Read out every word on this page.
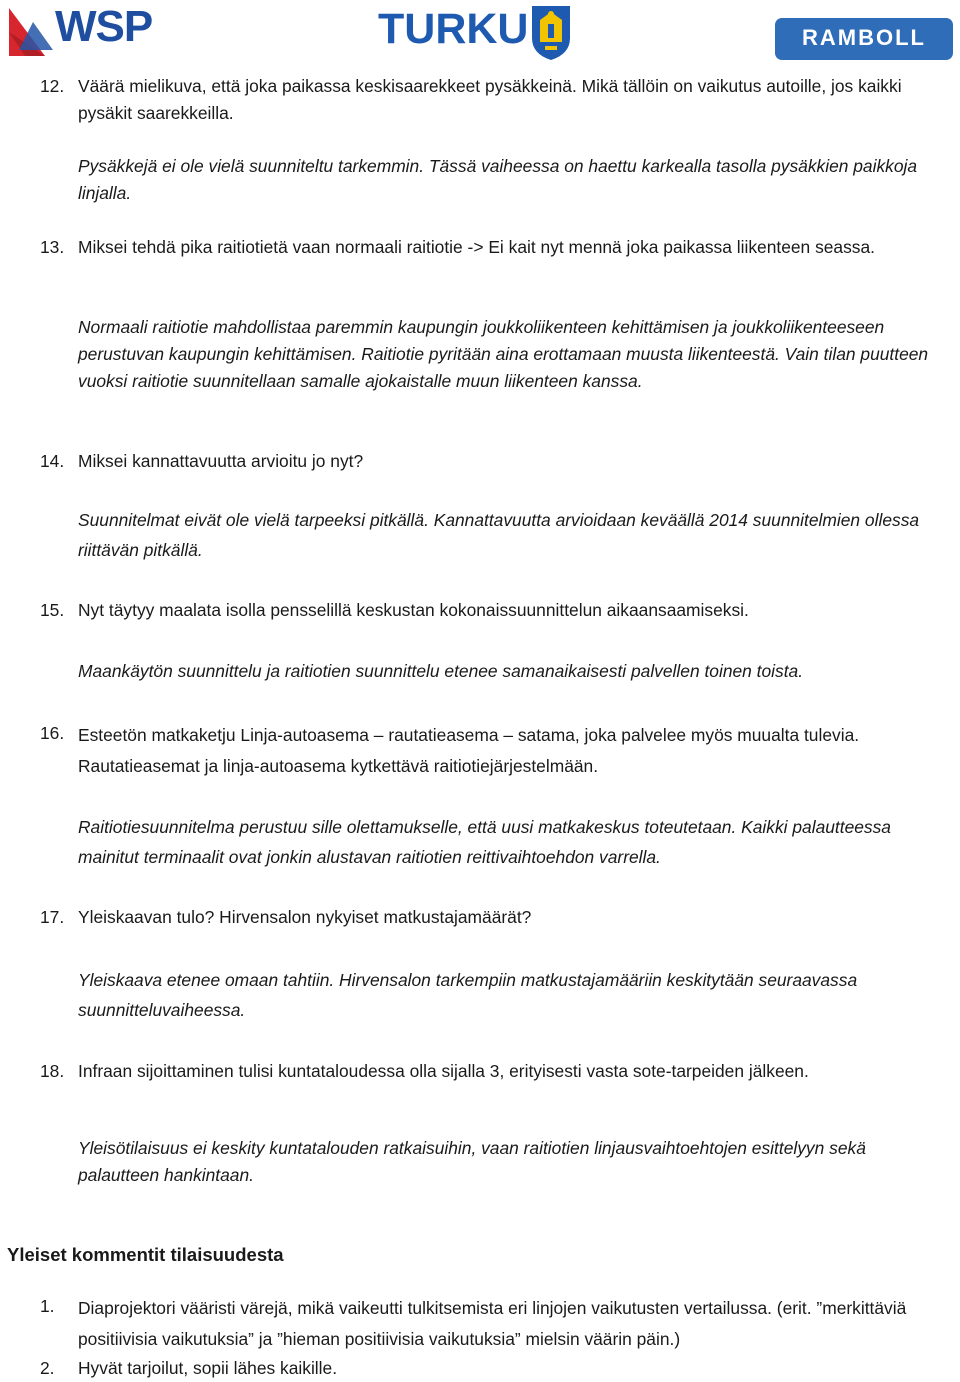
WSP	TURKU	RAMBOLL
12. Väärä mielikuva, että joka paikassa keskisaarekkeet pysäkkeinä. Mikä tällöin on vaikutus autoille, jos kaikki pysäkit saarekkeilla.
Pysäkkejä ei ole vielä suunniteltu tarkemmin. Tässä vaiheessa on haettu karkealla tasolla pysäkkien paikkoja linjalla.
13. Miksei tehdä pika raitiotietä vaan normaali raitiotie -> Ei kait nyt mennä joka paikassa liikenteen seassa.
Normaali raitiotie mahdollistaa paremmin kaupungin joukkoliikenteen kehittämisen ja joukkoliikenteeseen perustuvan kaupungin kehittämisen. Raitiotie pyritään aina erottamaan muusta liikenteestä. Vain tilan puutteen vuoksi raitiotie suunnitellaan samalle ajokaistalle muun liikenteen kanssa.
14. Miksei kannattavuutta arvioitu jo nyt?
Suunnitelmat eivät ole vielä tarpeeksi pitkällä. Kannattavuutta arvioidaan keväällä 2014 suunnitelmien ollessa riittävän pitkällä.
15. Nyt täytyy maalata isolla pensselillä keskustan kokonaissuunnittelun aikaansaamiseksi.
Maankäytön suunnittelu ja raitiotien suunnittelu etenee samanaikaisesti palvellen toinen toista.
16. Esteetön matkaketju Linja-autoasema – rautatieasema – satama, joka palvelee myös muualta tulevia. Rautatieasemat ja linja-autoasema kytkettävä raitiotiejärjestelmään.
Raitiotiesuunnitelma perustuu sille olettamukselle, että uusi matkakeskus toteutetaan. Kaikki palautteessa mainitut terminaalit ovat jonkin alustavan raitiotien reittivaihtoehdon varrella.
17. Yleiskaavan tulo? Hirvensalon nykyiset matkustajamäärät?
Yleiskaava etenee omaan tahtiin. Hirvensalon tarkempiin matkustajamääriin keskitytään seuraavassa suunnitteluvaiheessa.
18. Infraan sijoittaminen tulisi kuntataloudessa olla sijalla 3, erityisesti vasta sote-tarpeiden jälkeen.
Yleisötilaisuus ei keskity kuntatalouden ratkaisuihin, vaan raitiotien linjausvaihtoehtojen esittelyyn sekä palautteen hankintaan.
Yleiset kommentit tilaisuudesta
1. Diaprojektori vääristi värejä, mikä vaikeutti tulkitsemista eri linjojen vaikutusten vertailussa. (erit. ”merkittäviä positiivisia vaikutuksia” ja ”hieman positiivisia vaikutuksia” mielsin väärin päin.)
2. Hyvät tarjoilut, sopii lähes kaikille.
